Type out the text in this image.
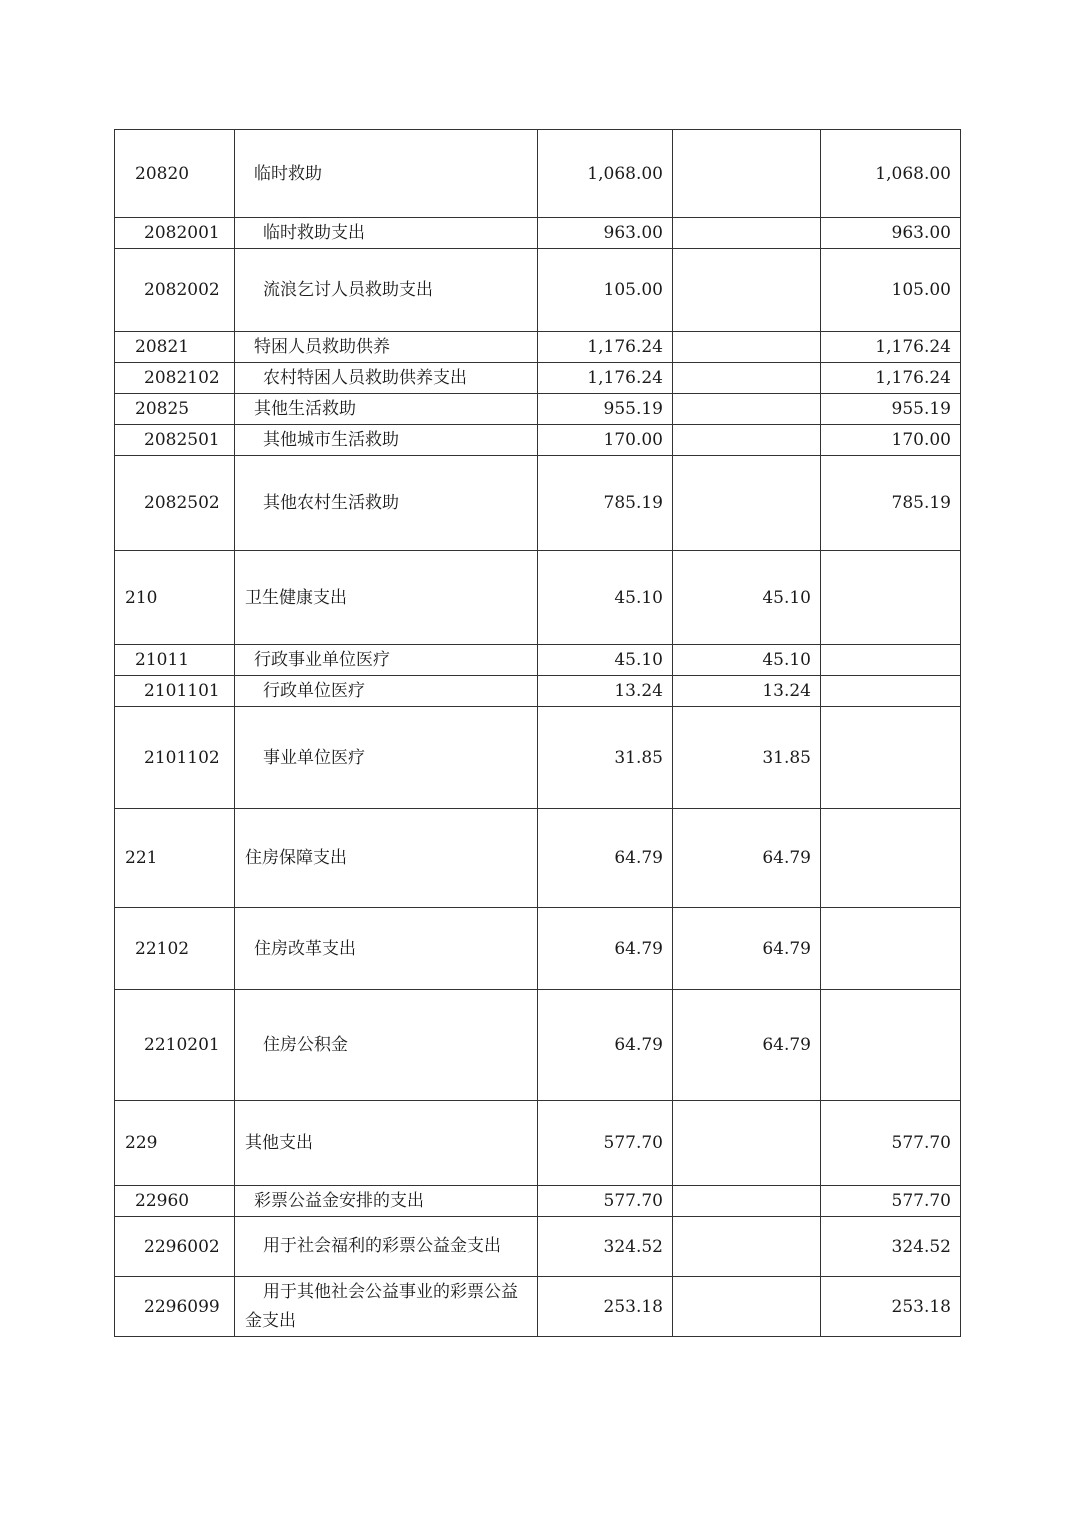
20820	临时救助	1,068.00		1,068.00
2082001	临时救助支出	963.00		963.00
2082002	流浪乞讨人员救助支出	105.00		105.00
20821	特困人员救助供养	1,176.24		1,176.24
2082102	农村特困人员救助供养支出	1,176.24		1,176.24
20825	其他生活救助	955.19		955.19
2082501	其他城市生活救助	170.00		170.00
2082502	其他农村生活救助	785.19		785.19
210	卫生健康支出	45.10	45.10	
21011	行政事业单位医疗	45.10	45.10	
2101101	行政单位医疗	13.24	13.24	
2101102	事业单位医疗	31.85	31.85	
221	住房保障支出	64.79	64.79	
22102	住房改革支出	64.79	64.79	
2210201	住房公积金	64.79	64.79	
229	其他支出	577.70		577.70
22960	彩票公益金安排的支出	577.70		577.70
2296002	用于社会福利的彩票公益金支出	324.52		324.52
2296099	用于其他社会公益事业的彩票公益金支出	253.18		253.18
